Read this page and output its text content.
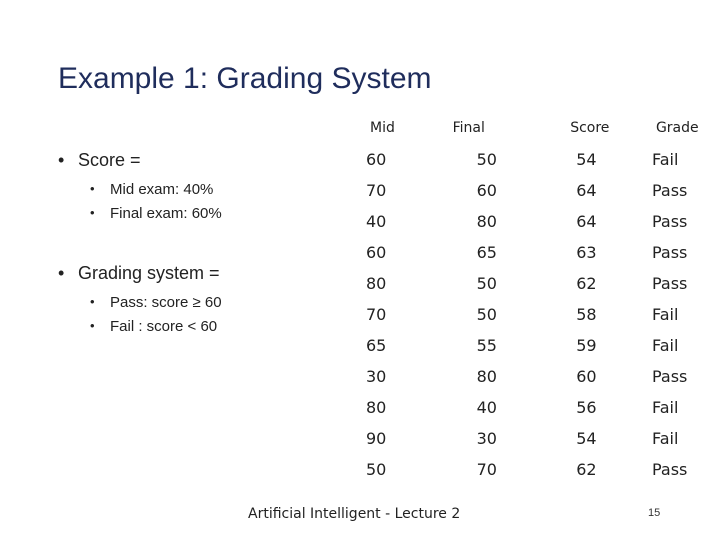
Example 1: Grading System
• Score =
• Mid exam: 40%
• Final exam: 60%
• Grading system =
• Pass: score ≥ 60
• Fail : score < 60
Mid	Final	Score	Grade
60	50	54	Fail
70	60	64	Pass
40	80	64	Pass
60	65	63	Pass
80	50	62	Pass
70	50	58	Fail
65	55	59	Fail
30	80	60	Pass
80	40	56	Fail
90	30	54	Fail
50	70	62	Pass
Artificial Intelligent - Lecture 2	15
